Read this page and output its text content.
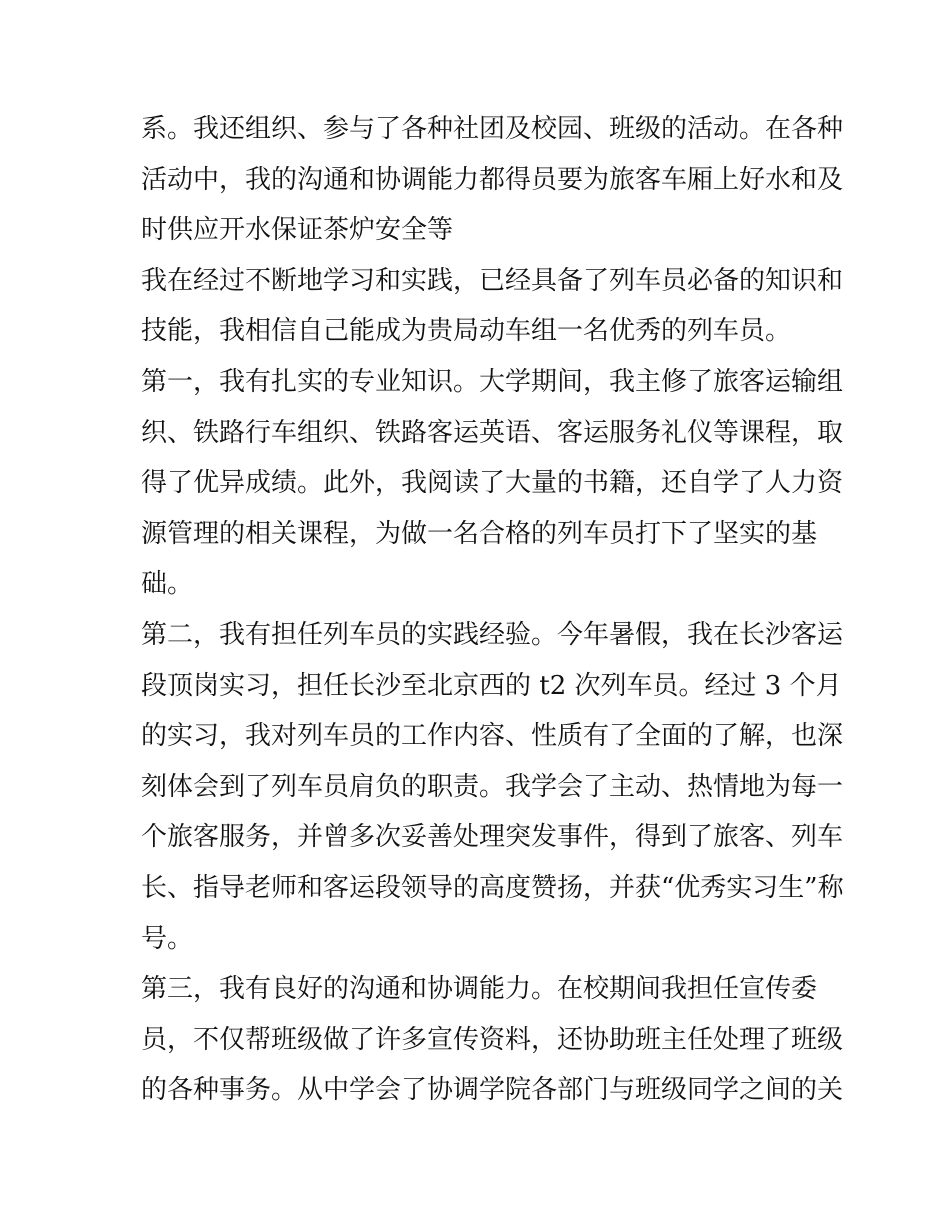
系。我还组织、参与了各种社团及校园、班级的活动。在各种
活动中，我的沟通和协调能力都得员要为旅客车厢上好水和及
时供应开水保证茶炉安全等
我在经过不断地学习和实践，已经具备了列车员必备的知识和
技能，我相信自己能成为贵局动车组一名优秀的列车员。
第一，我有扎实的专业知识。大学期间，我主修了旅客运输组
织、铁路行车组织、铁路客运英语、客运服务礼仪等课程，取
得了优异成绩。此外，我阅读了大量的书籍，还自学了人力资
源管理的相关课程，为做一名合格的列车员打下了坚实的基
础。
第二，我有担任列车员的实践经验。今年暑假，我在长沙客运
段顶岗实习，担任长沙至北京西的 t2 次列车员。经过 3 个月
的实习，我对列车员的工作内容、性质有了全面的了解，也深
刻体会到了列车员肩负的职责。我学会了主动、热情地为每一
个旅客服务，并曾多次妥善处理突发事件，得到了旅客、列车
长、指导老师和客运段领导的高度赞扬，并获“优秀实习生”称
号。
第三，我有良好的沟通和协调能力。在校期间我担任宣传委
员，不仅帮班级做了许多宣传资料，还协助班主任处理了班级
的各种事务。从中学会了协调学院各部门与班级同学之间的关
